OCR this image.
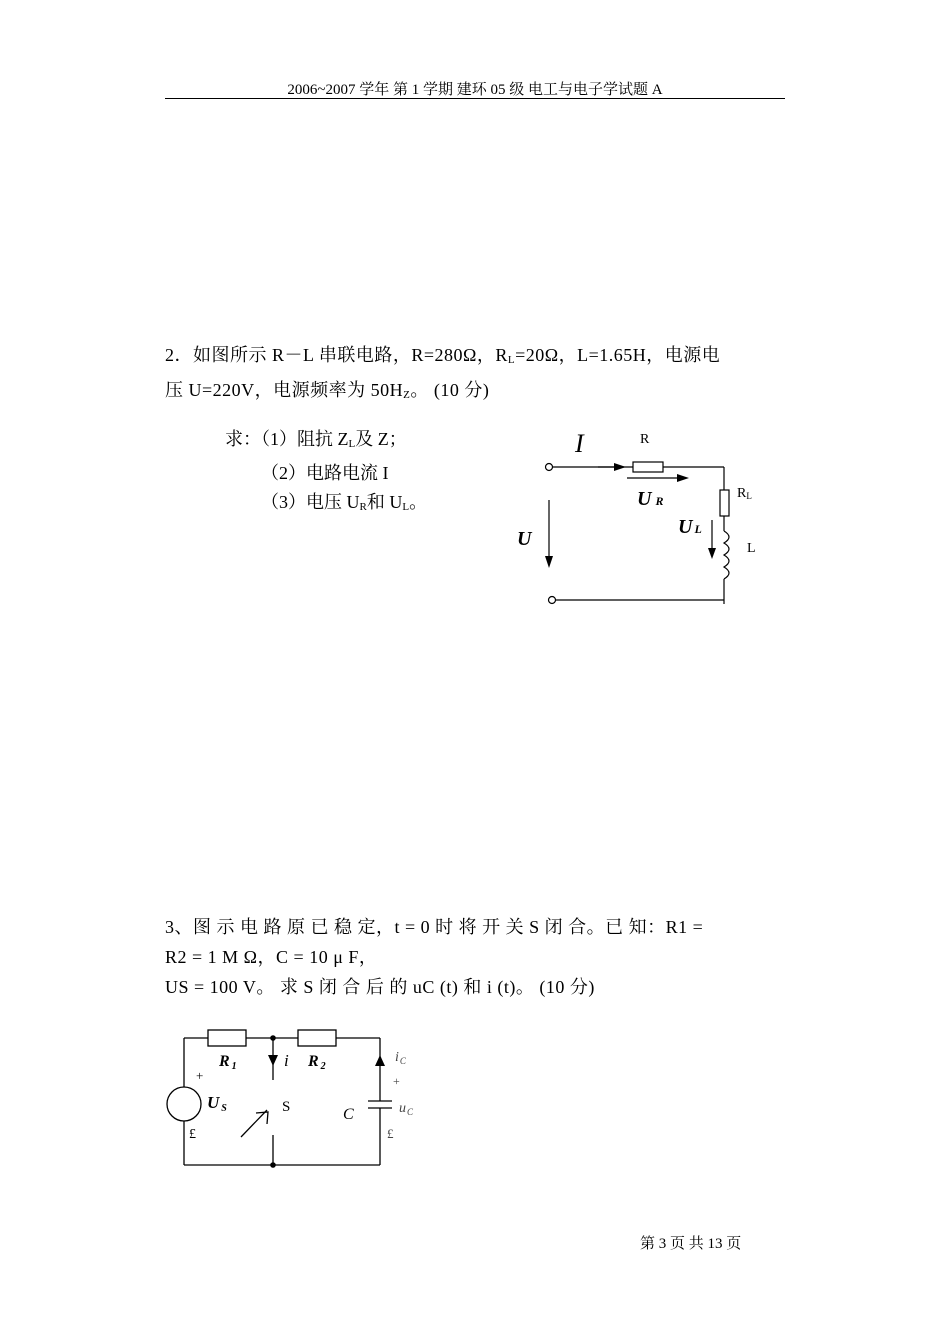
2006~2007 学年 第 1 学期 建环 05 级 电工与电子学试题 A
2．如图所示 R－L 串联电路，R=280Ω，RL=20Ω，L=1.65H，电源电
压 U=220V，电源频率为 50HZ。 (10 分)
求：（1）阻抗 ZL及 Z；
（2）电路电流 I
（3）电压 UR和 UL。
I	R
RL
L
U
U R
U L
3、图 示 电 路 原 已 稳 定，t = 0 时 将 开 关 S 闭 合。已 知：R1 =
R2 = 1 M Ω，C = 10 μ F，
US = 100 V。 求 S 闭 合 后 的 uC (t) 和 i (t)。 (10 分)
R 1	R 2
i
S
+
U S
£
C
$i_C$
+
$u_C$
£
第 3 页 共 13 页
